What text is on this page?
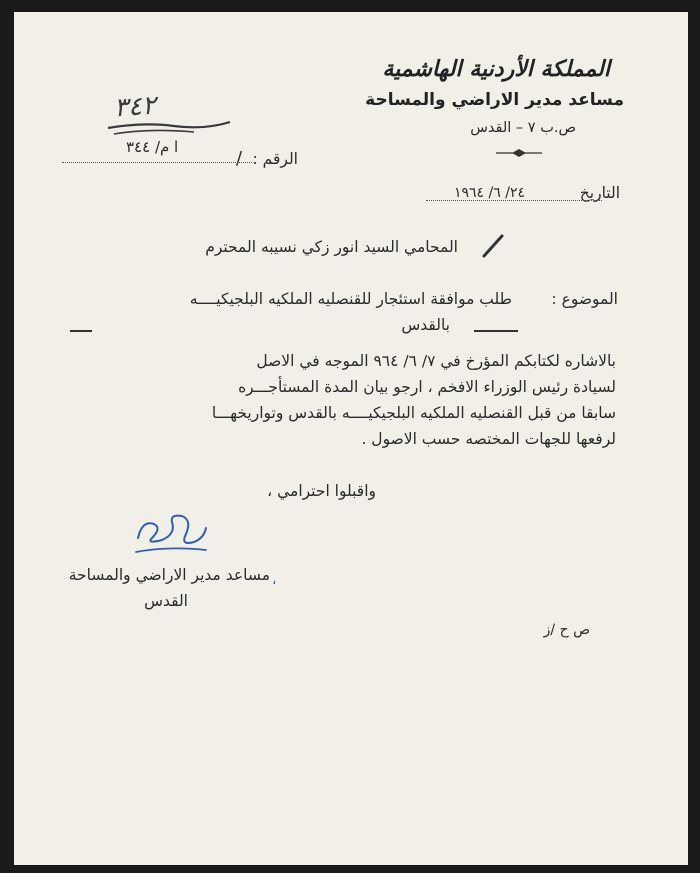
المملكة الأردنية الهاشمية
مساعد مدير الاراضي والمساحة
ص.ب ٧ – القدس
٣٤٢
الرقم :
/
ا م/ ٣٤٤
التاريخ
٢٤/ ٦/ ١٩٦٤
المحامي السيد انور زكي نسيبه المحترم
الموضوع :
طلب موافقة استئجار للقنصليه الملكيه البلجيكيــــه
بالقدس
بالاشاره لكتابكم المؤرخ في ٧/ ٦/ ٩٦٤ الموجه في الاصل
لسيادة رئيس الوزراء الافخم ، ارجو بيان المدة المستأجـــره
سابقا من قبل القنصليه الملكيه البلجيكيــــه بالقدس وتواريخهـــا
لرفعها للجهات المختصه حسب الاصول .
واقبلوا احترامي ،
مساعد مدير الاراضي والمساحة ،
القدس
ص ح /ز
